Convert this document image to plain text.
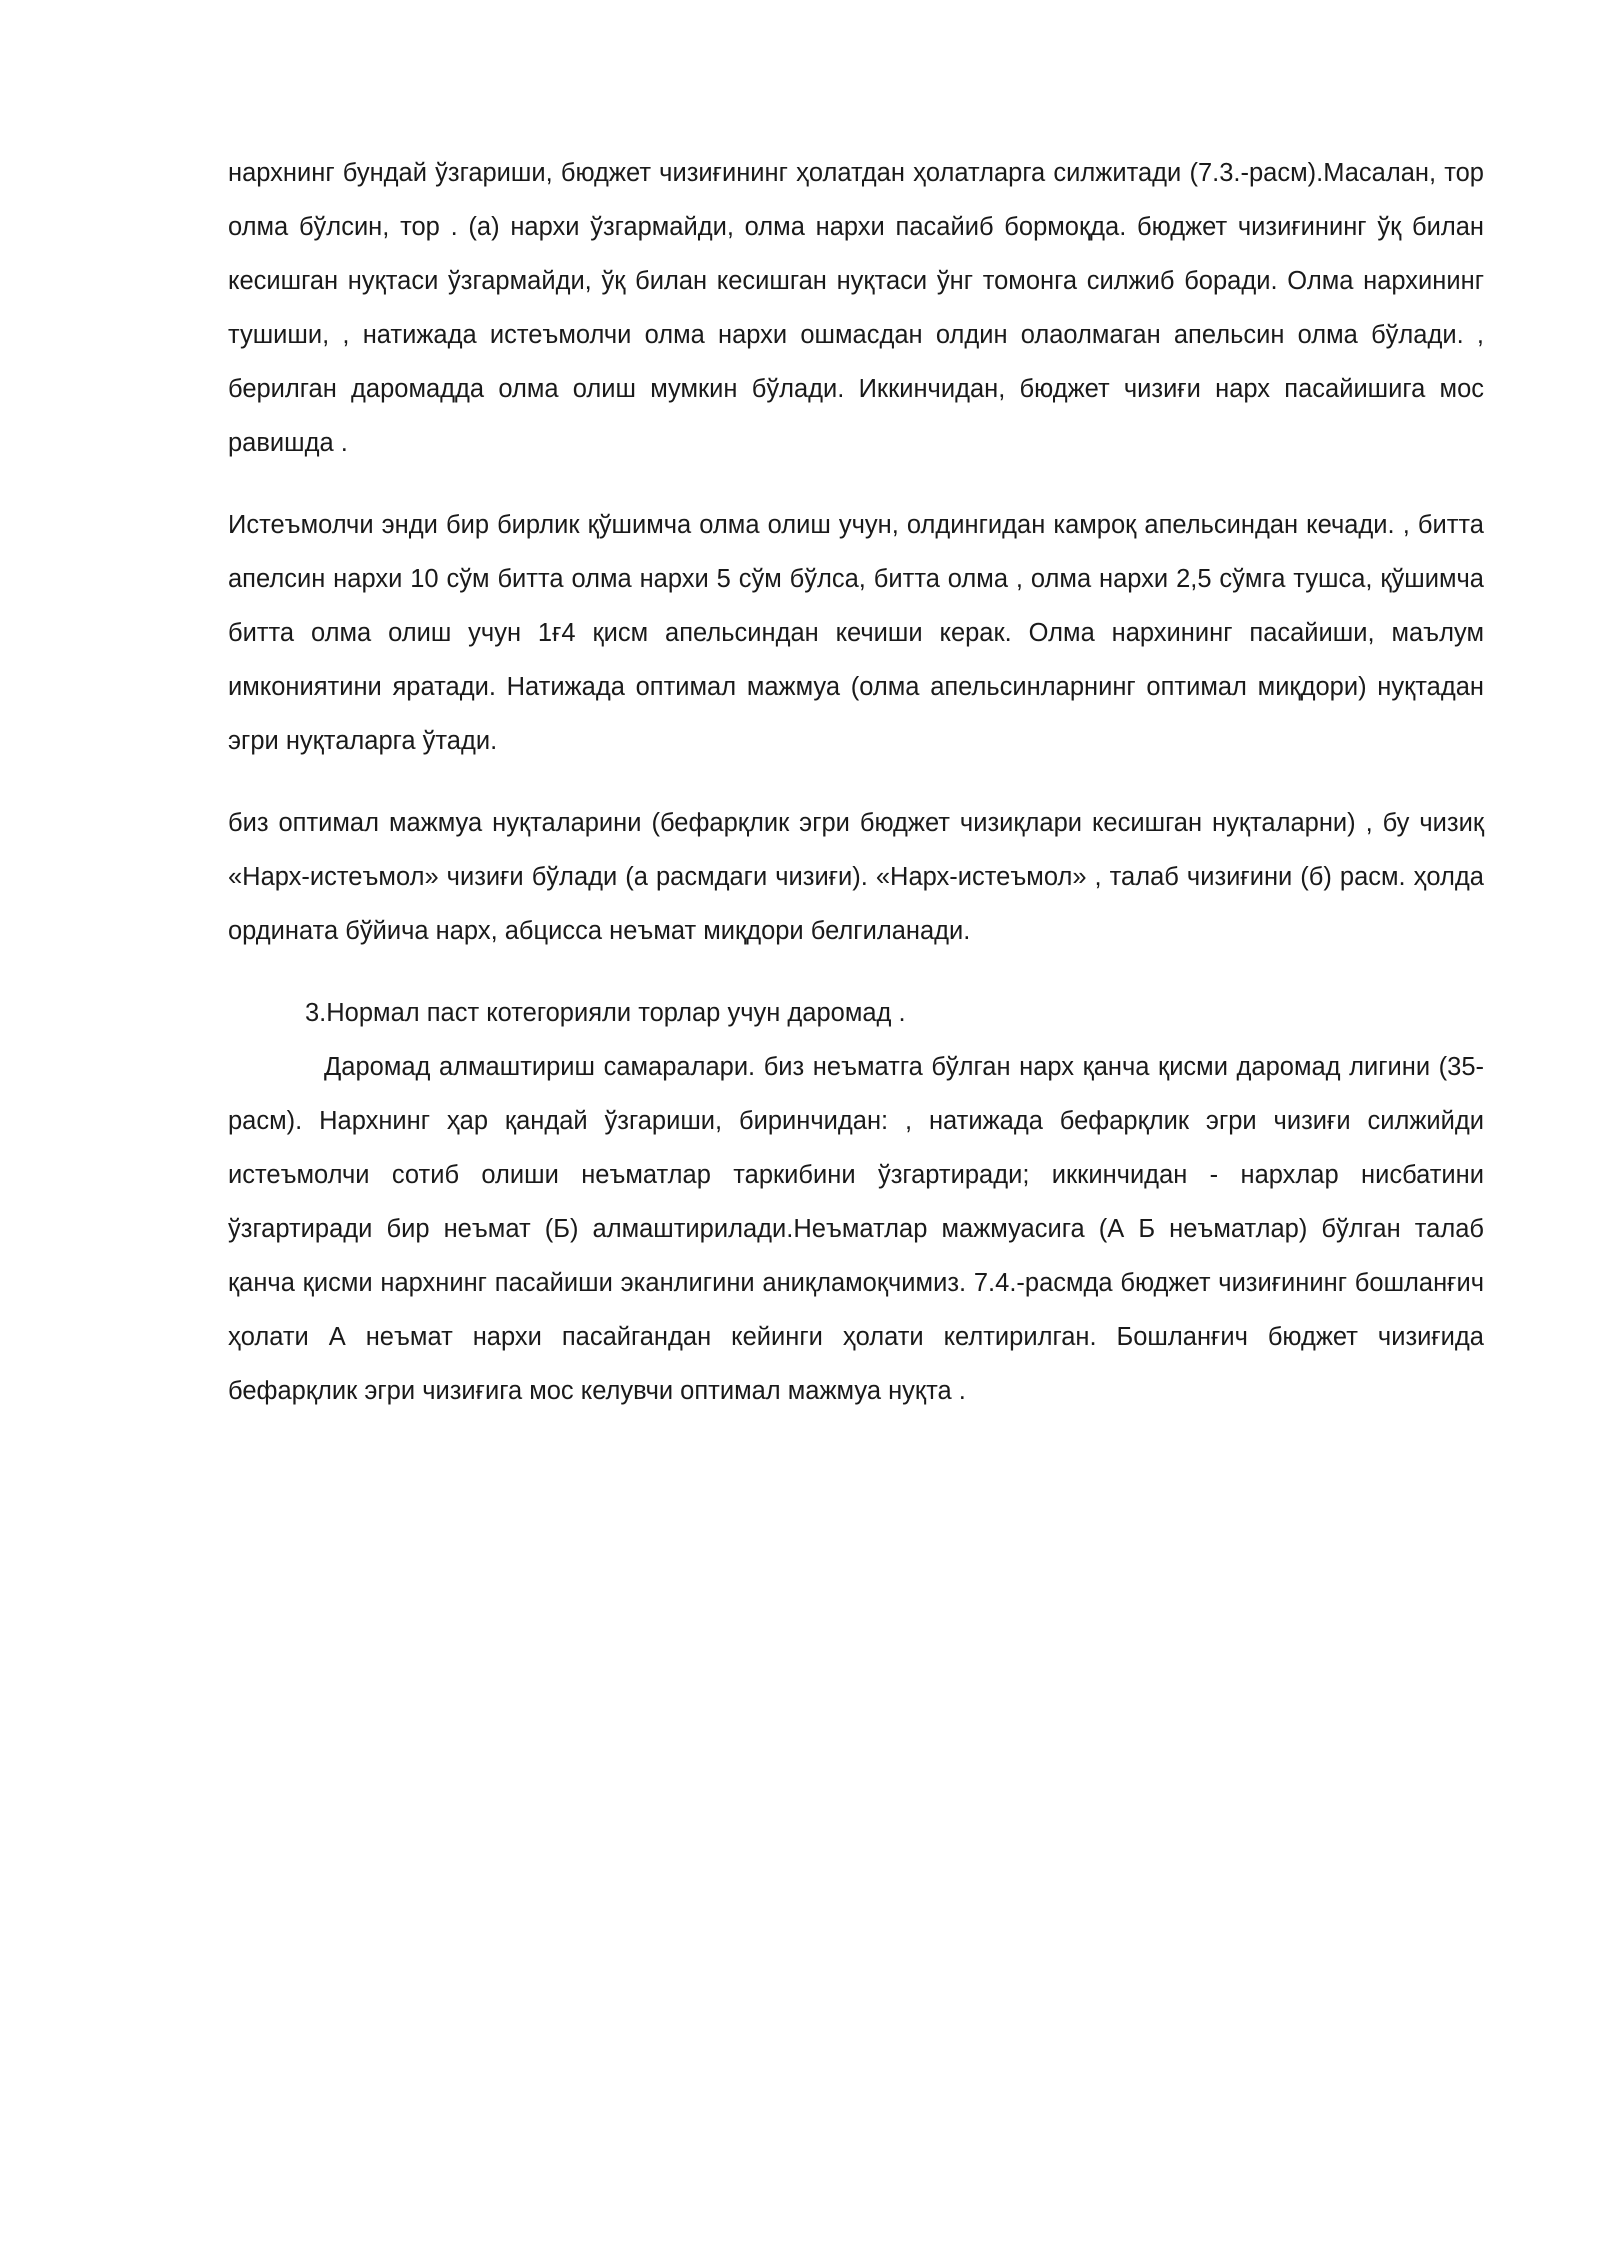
нархнинг бундай ўзгариши, бюджет чизиғининг ҳолатдан ҳолатларга силжитади (7.3.-расм).Масалан, тор олма бўлсин, тор . (а) нархи ўзгармайди, олма нархи пасайиб бормоқда. бюджет чизиғининг ўқ билан кесишган нуқтаси ўзгармайди, ўқ билан кесишган нуқтаси ўнг томонга силжиб боради. Олма нархининг тушиши, , натижада истеъмолчи олма нархи ошмасдан олдин олаолмаган апельсин олма бўлади. , берилган даромадда олма олиш мумкин бўлади. Иккинчидан, бюджет чизиғи нарх пасайишига мос равишда .

Истеъмолчи энди бир бирлик қўшимча олма олиш учун, олдингидан камроқ апельсиндан кечади. , битта апелсин нархи 10 сўм битта олма нархи 5 сўм бўлса, битта олма , олма нархи 2,5 сўмга тушса, қўшимча битта олма олиш учун 1ғ4 қисм апельсиндан кечиши керак. Олма нархининг пасайиши, маълум имкониятини яратади. Натижада оптимал мажмуа (олма апельсинларнинг оптимал миқдори) нуқтадан эгри нуқталарга ўтади.

биз оптимал мажмуа нуқталарини (бефарқлик эгри бюджет чизиқлари кесишган нуқталарни) , бу чизиқ «Нарх-истеъмол» чизиғи бўлади (а расмдаги чизиғи). «Нарх-истеъмол» , талаб чизиғини (б) расм. ҳолда ордината бўйича нарх, абцисса неъмат миқдори белгиланади.

3.Нормал паст котегорияли торлар учун даромад .

Даромад алмаштириш самаралари. биз неъматга бўлган нарх қанча қисми даромад лигини (35-расм). Нархнинг ҳар қандай ўзгариши, биринчидан: , натижада бефарқлик эгри чизиғи силжийди истеъмолчи сотиб олиши неъматлар таркибини ўзгартиради; иккинчидан - нархлар нисбатини ўзгартиради бир неъмат (Б) алмаштирилади.Неъматлар мажмуасига (А Б неъматлар) бўлган талаб қанча қисми нархнинг пасайиши эканлигини аниқламоқчимиз. 7.4.-расмда бюджет чизиғининг бошланғич ҳолати А неъмат нархи пасайгандан кейинги ҳолати келтирилган. Бошланғич бюджет чизиғида бефарқлик эгри чизиғига мос келувчи оптимал мажмуа нуқта .
